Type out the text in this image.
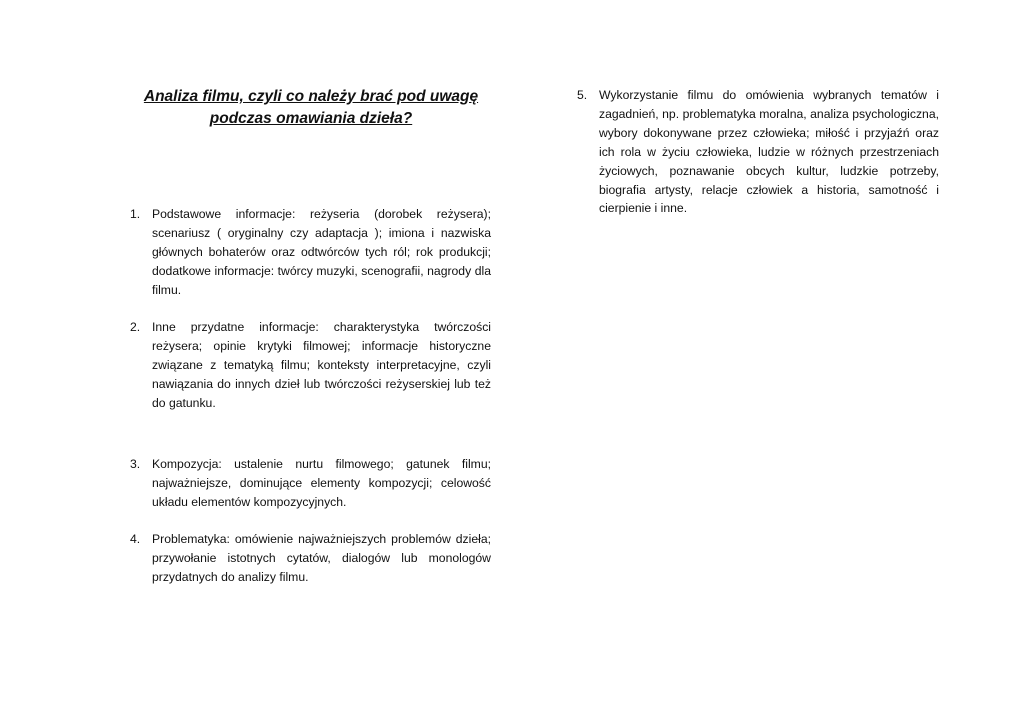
Analiza filmu, czyli co należy brać pod uwagę
podczas omawiania dzieła?
1. Podstawowe informacje: reżyseria (dorobek reżysera); scenariusz ( oryginalny czy adaptacja ); imiona i nazwiska głównych bohaterów oraz odtwórców tych ról; rok produkcji; dodatkowe informacje: twórcy muzyki, scenografii, nagrody dla filmu.
2. Inne przydatne informacje: charakterystyka twórczości reżysera; opinie krytyki filmowej; informacje historyczne związane z tematyką filmu; konteksty interpretacyjne, czyli nawiązania do innych dzieł lub twórczości reżyserskiej lub też do gatunku.
3. Kompozycja: ustalenie nurtu filmowego; gatunek filmu; najważniejsze, dominujące elementy kompozycji; celowość układu elementów kompozycyjnych.
4. Problematyka: omówienie najważniejszych problemów dzieła; przywołanie istotnych cytatów, dialogów lub monologów przydatnych do analizy filmu.
5. Wykorzystanie filmu do omówienia wybranych tematów i zagadnień, np. problematyka moralna, analiza psychologiczna, wybory dokonywane przez człowieka; miłość i przyjaźń oraz ich rola w życiu człowieka, ludzie w różnych przestrzeniach życiowych, poznawanie obcych kultur, ludzkie potrzeby, biografia artysty, relacje człowiek a historia, samotność i cierpienie i inne.
